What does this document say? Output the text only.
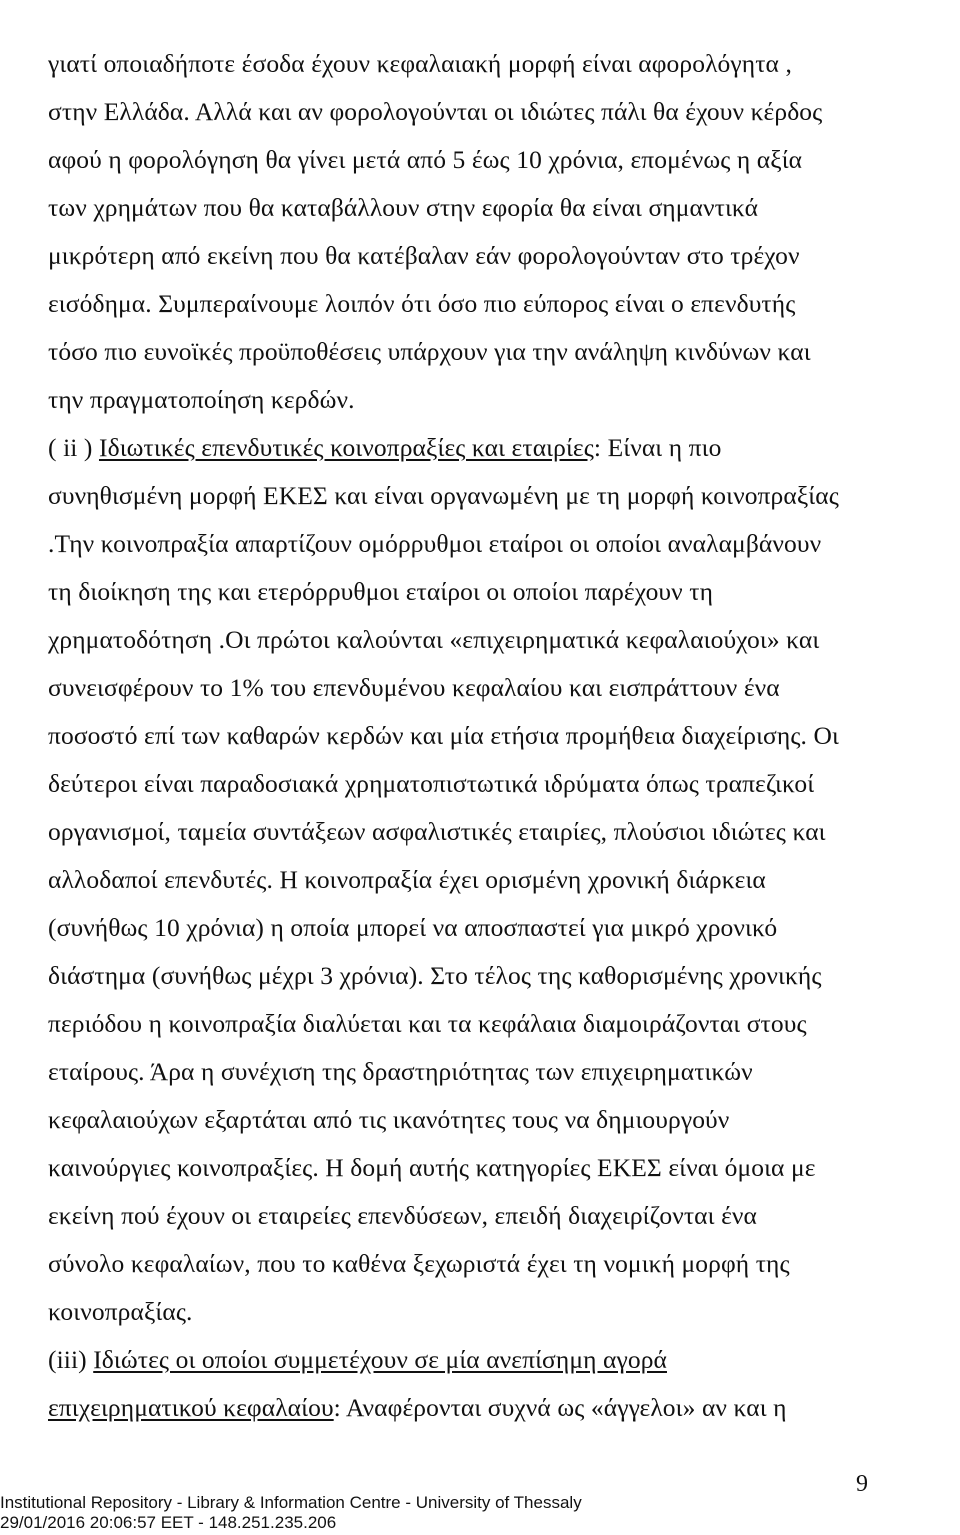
γιατί οποιαδήποτε έσοδα έχουν κεφαλαιακή μορφή είναι αφορολόγητα ,
στην Ελλάδα. Αλλά και αν φορολογούνται οι ιδιώτες πάλι θα έχουν κέρδος
αφού η φορολόγηση θα γίνει μετά από 5 έως 10 χρόνια, επομένως η αξία
των χρημάτων που θα καταβάλλουν στην εφορία θα είναι σημαντικά
μικρότερη από εκείνη που θα κατέβαλαν εάν φορολογούνταν στο τρέχον
εισόδημα. Συμπεραίνουμε λοιπόν ότι όσο πιο εύπορος είναι ο επενδυτής
τόσο πιο ευνοϊκές προϋποθέσεις υπάρχουν για την ανάληψη κινδύνων και
την πραγματοποίηση κερδών.
( ii ) Ιδιωτικές επενδυτικές κοινοπραξίες και εταιρίες: Είναι η πιο
συνηθισμένη μορφή ΕΚΕΣ και είναι οργανωμένη με τη μορφή κοινοπραξίας
.Την κοινοπραξία απαρτίζουν ομόρρυθμοι εταίροι οι οποίοι αναλαμβάνουν
τη διοίκηση της και ετερόρρυθμοι εταίροι οι οποίοι παρέχουν τη
χρηματοδότηση .Οι πρώτοι καλούνται «επιχειρηματικά κεφαλαιούχοι» και
συνεισφέρουν το 1% του επενδυμένου κεφαλαίου και εισπράττουν ένα
ποσοστό επί των καθαρών κερδών και μία ετήσια προμήθεια διαχείρισης. Οι
δεύτεροι είναι παραδοσιακά χρηματοπιστωτικά ιδρύματα όπως τραπεζικοί
οργανισμοί, ταμεία συντάξεων ασφαλιστικές εταιρίες, πλούσιοι ιδιώτες και
αλλοδαποί επενδυτές. Η κοινοπραξία έχει ορισμένη χρονική διάρκεια
(συνήθως 10 χρόνια) η οποία μπορεί να αποσπαστεί για μικρό χρονικό
διάστημα (συνήθως μέχρι 3 χρόνια). Στο τέλος της καθορισμένης χρονικής
περιόδου η κοινοπραξία διαλύεται και τα κεφάλαια διαμοιράζονται στους
εταίρους. Άρα η συνέχιση της δραστηριότητας των επιχειρηματικών
κεφαλαιούχων εξαρτάται από τις ικανότητες τους να δημιουργούν
καινούργιες κοινοπραξίες. Η δομή αυτής κατηγορίες ΕΚΕΣ είναι όμοια με
εκείνη πού έχουν οι εταιρείες επενδύσεων, επειδή διαχειρίζονται ένα
σύνολο κεφαλαίων, που το καθένα ξεχωριστά έχει τη νομική μορφή της
κοινοπραξίας.
(iii) Ιδιώτες οι οποίοι συμμετέχουν σε μία ανεπίσημη αγορά
επιχειρηματικού κεφαλαίου: Αναφέρονται συχνά ως «άγγελοι» αν και η
9
Institutional Repository - Library & Information Centre - University of Thessaly
29/01/2016 20:06:57 EET - 148.251.235.206
